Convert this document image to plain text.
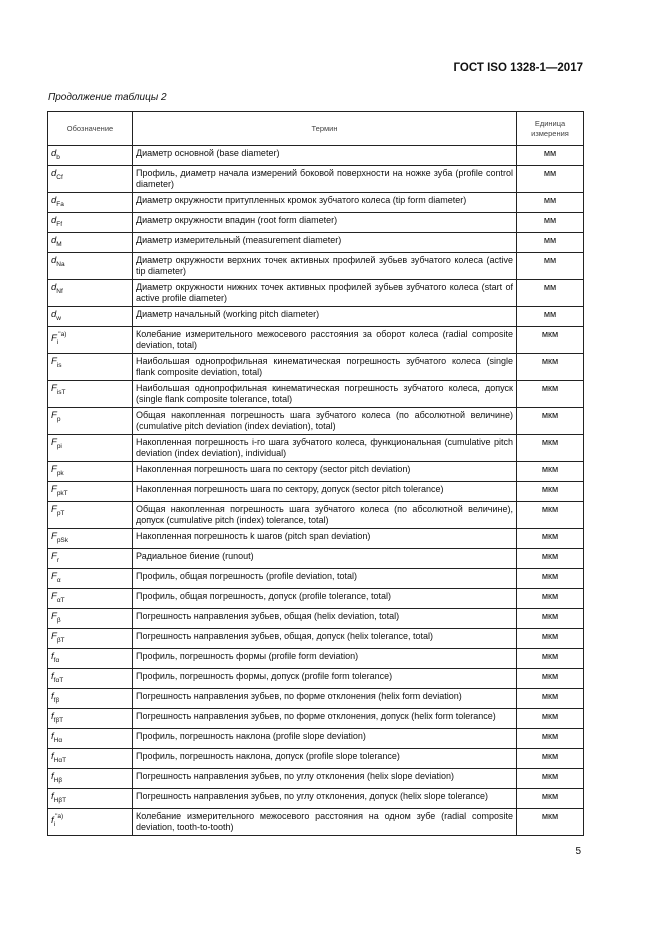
ГОСТ ISO 1328-1—2017
Продолжение таблицы 2
Обозначение	Термин	Единица измерения
$d_b$	Диаметр основной (base diameter)	мм
$d_{Cf}$	Профиль, диаметр начала измерений боковой поверхности на ножке зуба (profile control diameter)	мм
$d_{Fa}$	Диаметр окружности притупленных кромок зубчатого колеса (tip form diameter)	мм
$d_{Ff}$	Диаметр окружности впадин (root form diameter)	мм
$d_M$	Диаметр измерительный (measurement diameter)	мм
$d_{Na}$	Диаметр окружности верхних точек активных профилей зубьев зубчатого колеса (active tip diameter)	мм
$d_{Nf}$	Диаметр окружности нижних точек активных профилей зубьев зубчатого колеса (start of active profile diameter)	мм
$d_w$	Диаметр начальный (working pitch diameter)	мм
$F_i^{"a)}$	Колебание измерительного межосевого расстояния за оборот колеса (radial composite deviation, total)	мкм
$F_{is}$	Наибольшая однопрофильная кинематическая погрешность зубчатого колеса (single flank composite deviation, total)	мкм
$F_{isT}$	Наибольшая однопрофильная кинематическая погрешность зубчатого колеса, допуск (single flank composite tolerance, total)	мкм
$F_p$	Общая накопленная погрешность шага зубчатого колеса (по абсолютной величине) (cumulative pitch deviation (index deviation), total)	мкм
$F_{pi}$	Накопленная погрешность i-го шага зубчатого колеса, функциональная (cumulative pitch deviation (index deviation), individual)	мкм
$F_{pk}$	Накопленная погрешность шага по сектору (sector pitch deviation)	мкм
$F_{pkT}$	Накопленная погрешность шага по сектору, допуск (sector pitch tolerance)	мкм
$F_{pT}$	Общая накопленная погрешность шага зубчатого колеса (по абсолютной величине), допуск (cumulative pitch (index) tolerance, total)	мкм
$F_{pSk}$	Накопленная погрешность k шагов (pitch span deviation)	мкм
$F_r$	Радиальное биение (runout)	мкм
$F_\alpha$	Профиль, общая погрешность (profile deviation, total)	мкм
$F_{\alpha T}$	Профиль, общая погрешность, допуск (profile tolerance, total)	мкм
$F_\beta$	Погрешность направления зубьев, общая (helix deviation, total)	мкм
$F_{\beta T}$	Погрешность направления зубьев, общая, допуск (helix tolerance, total)	мкм
$f_{f\alpha}$	Профиль, погрешность формы (profile form deviation)	мкм
$f_{f\alpha T}$	Профиль, погрешность формы, допуск (profile form tolerance)	мкм
$f_{f\beta}$	Погрешность направления зубьев, по форме отклонения (helix form deviation)	мкм
$f_{f\beta T}$	Погрешность направления зубьев, по форме отклонения, допуск (helix form tolerance)	мкм
$f_{H\alpha}$	Профиль, погрешность наклона (profile slope deviation)	мкм
$f_{H\alpha T}$	Профиль, погрешность наклона, допуск (profile slope tolerance)	мкм
$f_{H\beta}$	Погрешность направления зубьев, по углу отклонения (helix slope deviation)	мкм
$f_{H\beta T}$	Погрешность направления зубьев, по углу отклонения, допуск (helix slope tolerance)	мкм
$f_i^{"a)}$	Колебание измерительного межосевого расстояния на одном зубе (radial composite deviation, tooth-to-tooth)	мкм
5
